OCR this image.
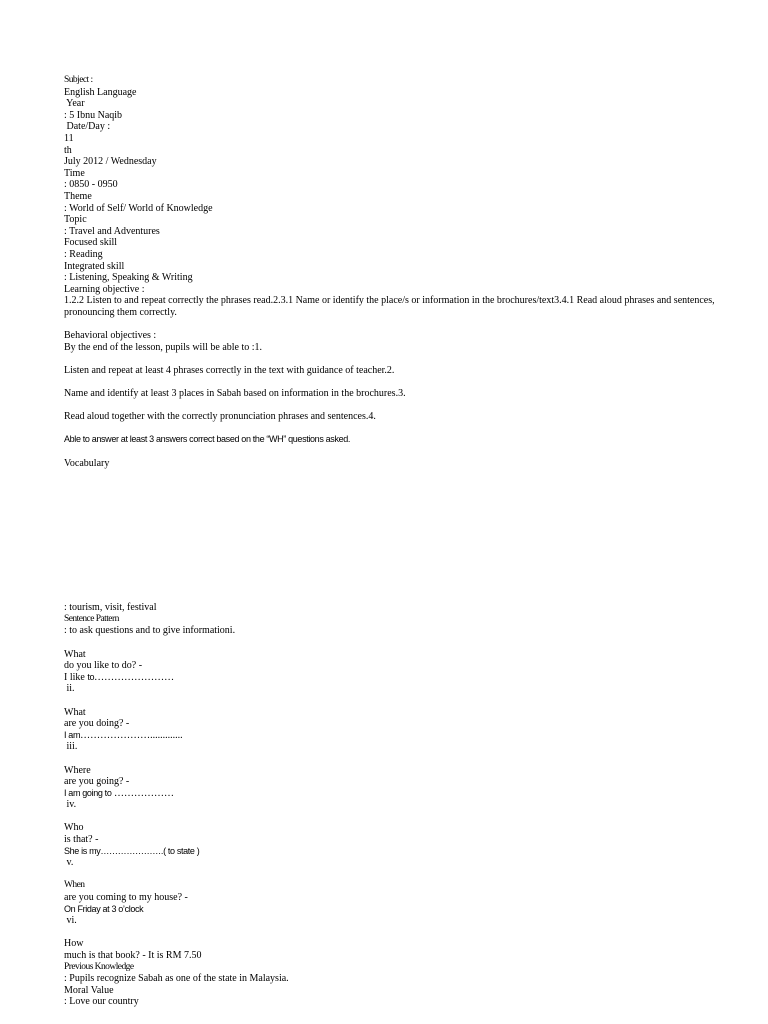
Subject :
English Language
Year
: 5 Ibnu Naqib
Date/Day :
11
th
July 2012 / Wednesday
Time
: 0850 - 0950
Theme
: World of Self/ World of Knowledge
Topic
: Travel and Adventures
Focused skill
: Reading
Integrated skill
: Listening, Speaking & Writing
Learning objective :
1.2.2 Listen to and repeat correctly the phrases read.2.3.1 Name or identify the place/s or information in the brochures/text3.4.1 Read aloud phrases and sentences, pronouncing them correctly.
Behavioral objectives :
By the end of the lesson, pupils will be able to :1.
Listen and repeat at least 4 phrases correctly in the text with guidance of teacher.2.
Name and identify at least 3 places in Sabah based on information in the brochures.3.
Read aloud together with the correctly pronunciation phrases and sentences.4.
Able to answer at least 3 answers correct based on the “WH” questions asked.
Vocabulary
: tourism, visit, festival
Sentence Pattern
: to ask questions and to give informationi.
What
do you like to do? -
I like to……………………
ii.
What
are you doing? -
I am………………….............
iii.
Where
are you going? -
I am going to ………………
iv.
Who
is that? -
She is my………………….( to state )
v.
When
are you coming to my house? -
On Friday at 3 o’clock
vi.
How
much is that book? - It is RM 7.50
Previous Knowledge
: Pupils recognize Sabah as one of the state in Malaysia.
Moral Value
: Love our country
